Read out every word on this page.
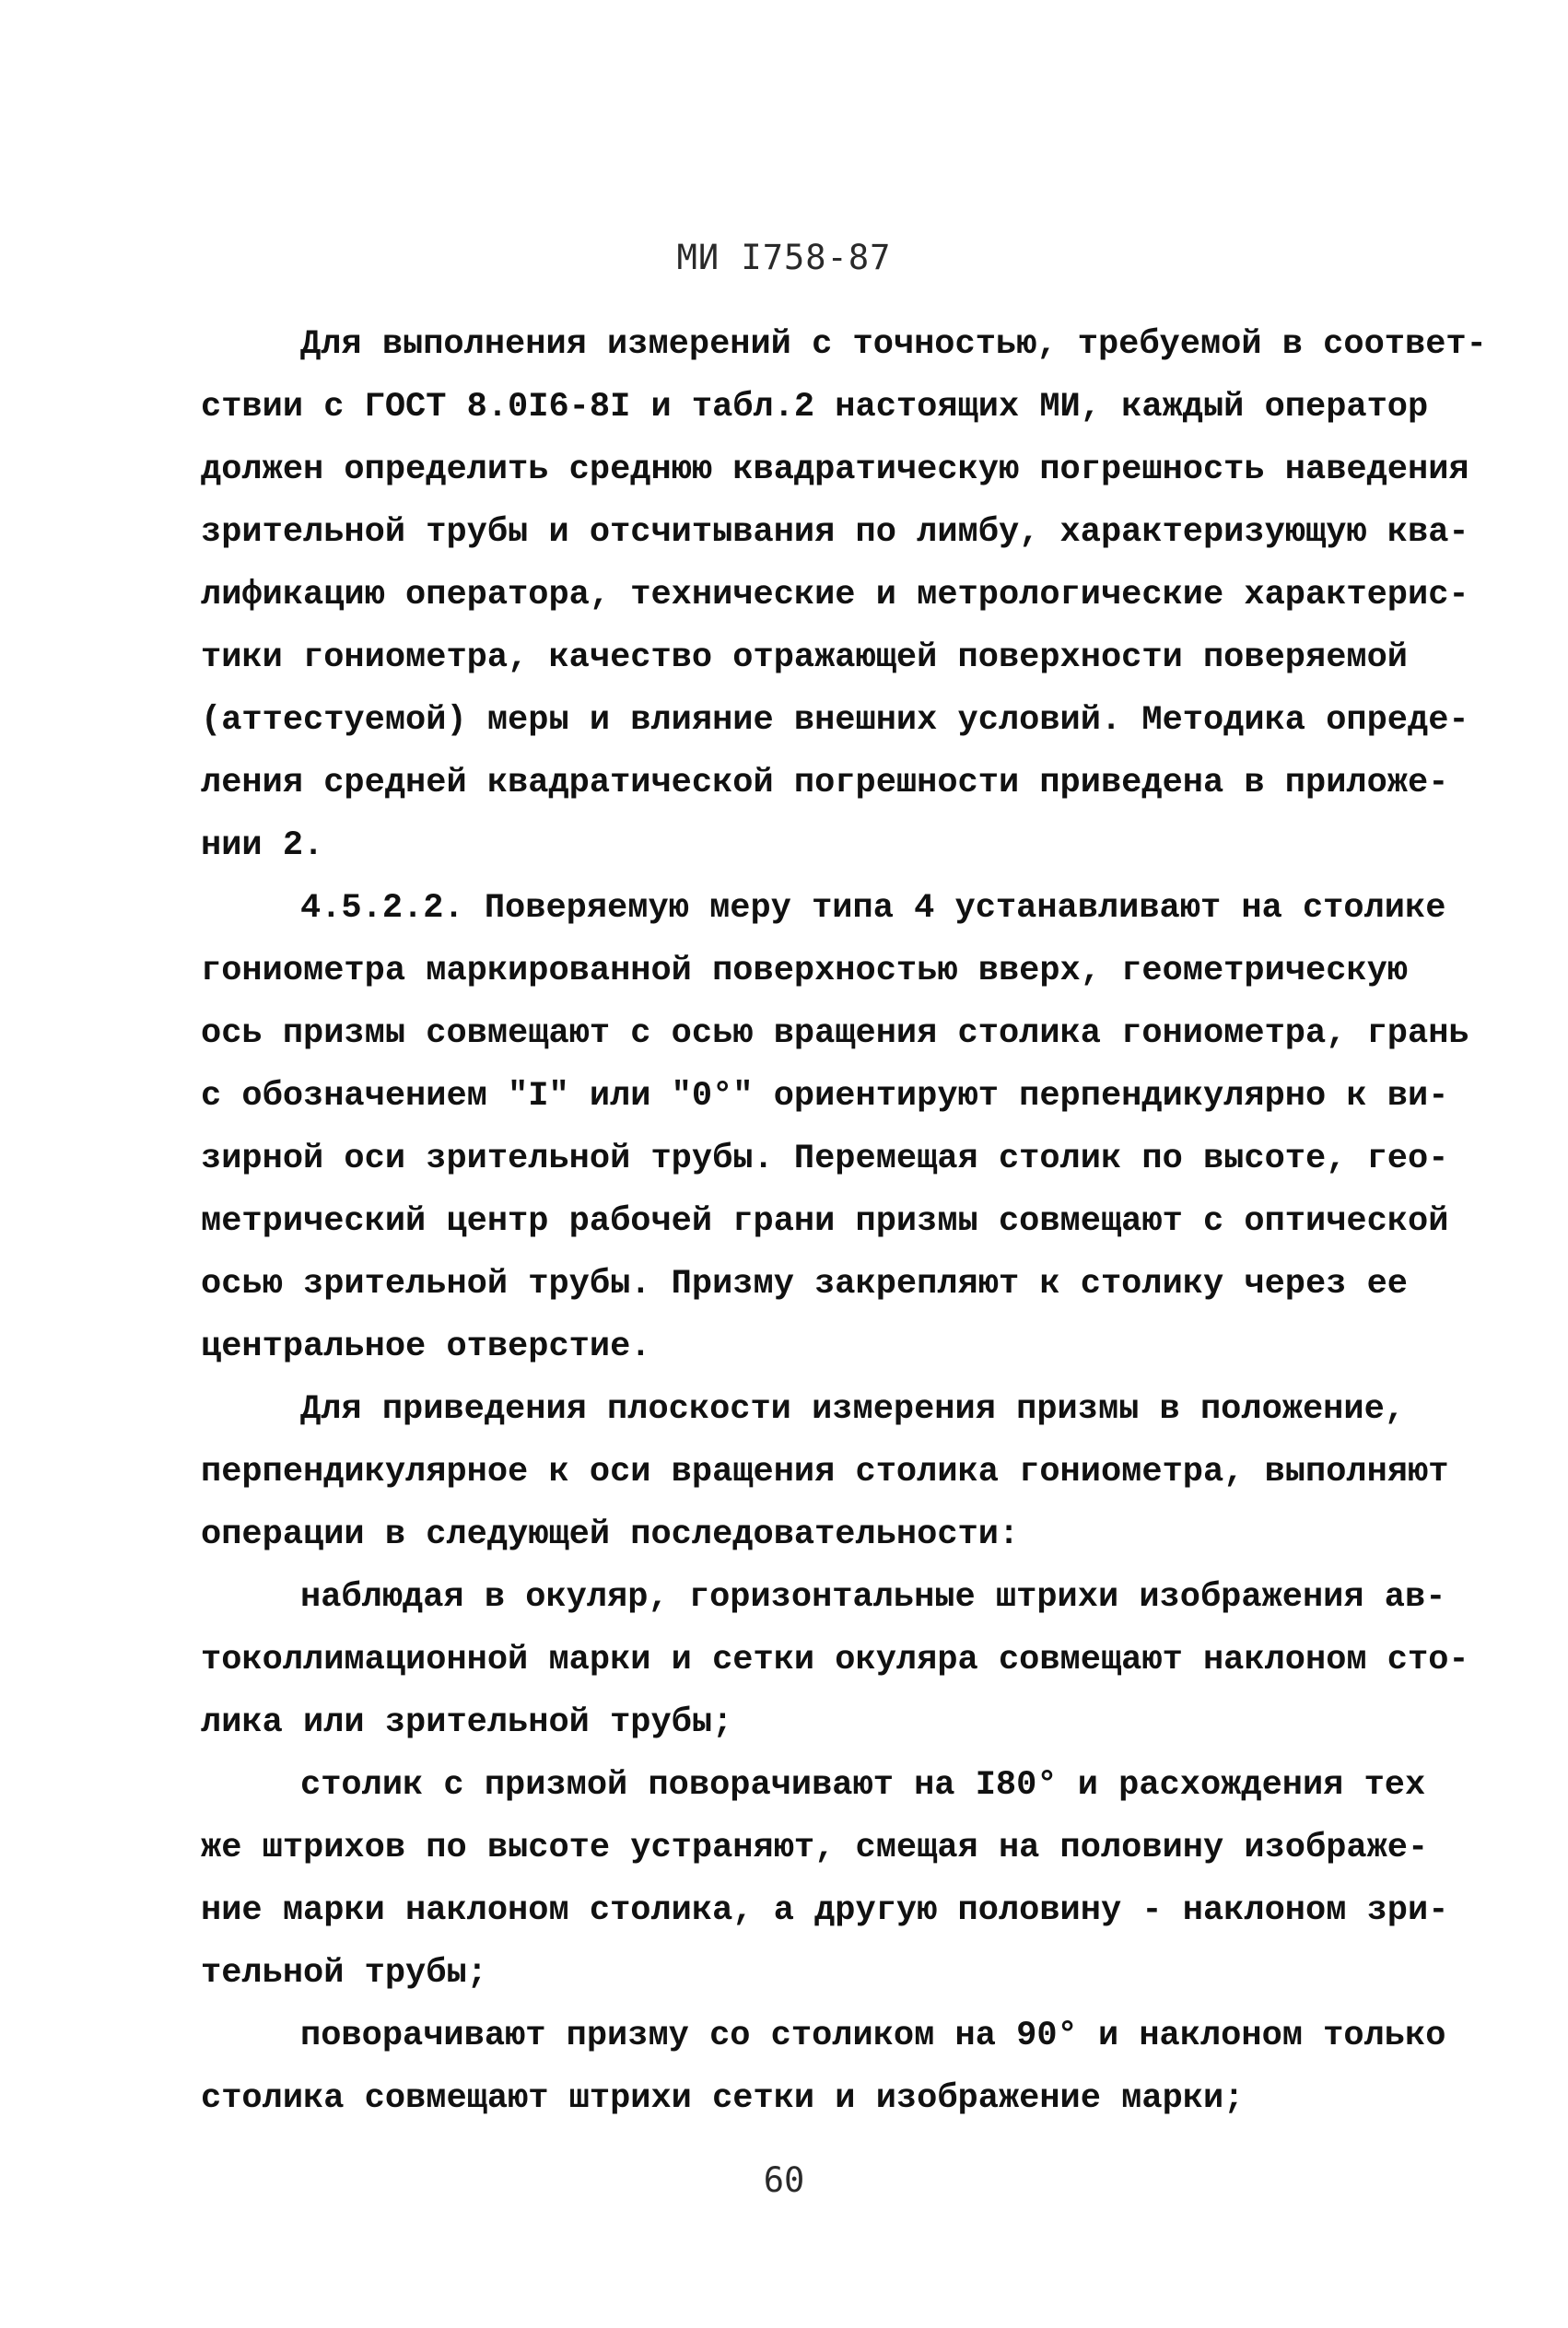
МИ I758-87
Для выполнения измерений с точностью, требуемой в соответ-
ствии с ГОСТ 8.0I6-8I и табл.2 настоящих МИ, каждый оператор
должен определить среднюю квадратическую погрешность наведения
зрительной трубы и отсчитывания по лимбу, характеризующую ква-
лификацию оператора, технические и метрологические характерис-
тики гониометра, качество отражающей поверхности поверяемой
(аттестуемой) меры и влияние внешних условий. Методика опреде-
ления средней квадратической погрешности приведена в приложе-
нии 2.
4.5.2.2. Поверяемую меру типа 4 устанавливают на столике
гониометра маркированной поверхностью вверх, геометрическую
ось призмы совмещают с осью вращения столика гониометра, грань
с обозначением "I" или "0°" ориентируют перпендикулярно к ви-
зирной оси зрительной трубы. Перемещая столик по высоте, гео-
метрический центр рабочей грани призмы совмещают с оптической
осью зрительной трубы. Призму закрепляют к столику через ее
центральное отверстие.
Для приведения плоскости измерения призмы в положение,
перпендикулярное к оси вращения столика гониометра, выполняют
операции в следующей последовательности:
наблюдая в окуляр, горизонтальные штрихи изображения ав-
токоллимационной марки и сетки окуляра совмещают наклоном сто-
лика или зрительной трубы;
столик с призмой поворачивают на I80° и расхождения тех
же штрихов по высоте устраняют, смещая на половину изображе-
ние марки наклоном столика, а другую половину - наклоном зри-
тельной трубы;
поворачивают призму со столиком на 90° и наклоном только
столика совмещают штрихи сетки и изображение марки;
60
